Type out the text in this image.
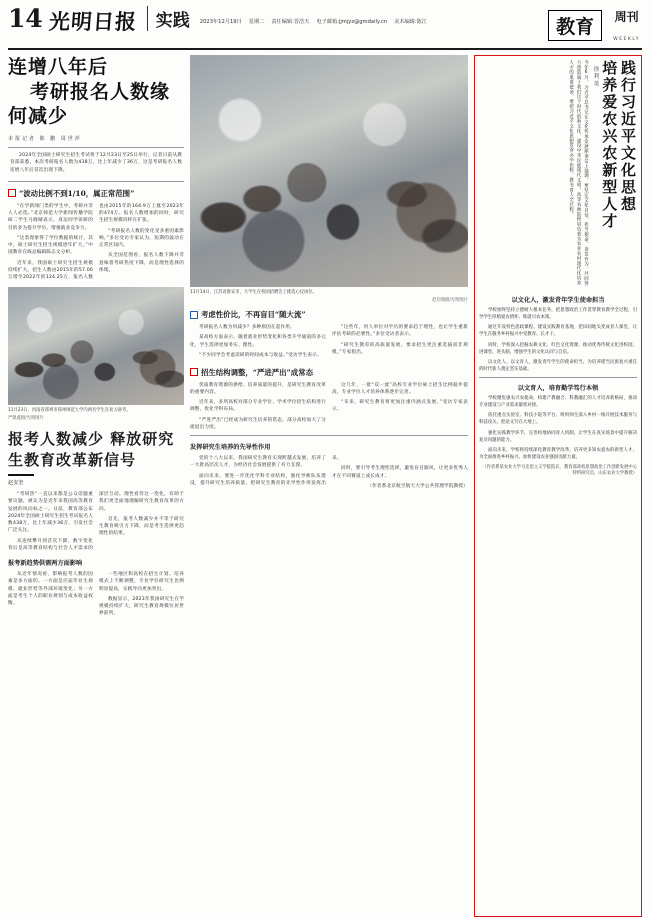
14 光明日报	实践 2023年12月19日 星期二 责任编辑:晋浩天 电子邮箱:jjmjyz@gmdaily.cn 美术编辑:陈江	教育 周刊
WEEKLY
连增八年后
考研报名人数缘何减少
本报记者 陈 鹏 周世祥

2024年全国硕士研究生招生考试将于12月23日至25日举行。记者日前从教育部获悉，本次考研报名人数为438万，比上年减少了36万，这是考研报名人数连增八年后首次出现下降。

“波动比例不到1/10，属正常范围”

“在学新闻门类的学生中，考研并非人人必选。”北京师范大学新闻传播学院研二学生马晓晴表示，身边同学读研的目的多为提升学历、增强就业竞争力。

“这类现象得了学位数据的统计，其中，硕士研究生招生规模逐年扩大。”中国教育在线总编辑陈志文分析。

近年来，我国硕士研究生招生规模持续扩大，招生人数由2015年的57.06万增至2022年的124.25万，报名人数也由2015年的164.9万上涨至2023年的474万。报名人数增加的同时，研究生招生规模同样在扩张。

“考研报名人数的变化受多重因素影响。”多位受访专家认为，短期的波动在正常区间内。

从全国范围看，报名人数下降并非意味着考研热度下降，而是理性选择的体现。

11月23日，河南省郑州市郑州师范大学内两名学生在复习备考。
严鼎鑫摄/光明图片
报考人数减少 释放研究生教育改革新信号
赵安奎

“考研热”一直以来都是公众话题重要议题，被认为是近年来我国高等教育发展的风向标之一。日前，教育部公布2024年全国硕士研究生招生考试报名人数438万，比上年减少36万，引发社会广泛关注。

从连续攀升到首次下降，数字变化背后是高等教育结构与社会人才需求的深层互动。理性看待这一变化，有助于我们更全面地理解研究生教育改革的方向。

首先，报考人数减少并不等于研究生教育吸引力下降，而是考生选择更趋理性的结果。

报考新趋势供需两方面影响

从近年情况看，影响报考人数的因素是多方面的。一方面是应届毕业生规模、就业形势等外部环境变化；另一方面是考生个人的职业规划与成本收益权衡。

一些地区和高校在招生计划、培养模式上不断调整，专业学位研究生比例明显提高，实践导向更加突出。

数据显示，2023年我国研究生在学规模持续扩大，研究生教育规模位居世界前列。

11月14日，江苏省淮安市，大学生在校园招聘会上挑选心仪岗位。
赵启瑞摄/光明图片
考虑性价比，不再盲目“随大流”

考研报名人数为何减少？多种原因在起作用。

某高校方面表示，随着就业形势变化和各类升学通道的多元化，学生选择更加务实、理性。

“不少同学会考虑读研的时间成本与收益。”受访学生表示。

“这些年，用人单位对学历的要求趋于理性，也让学生重新评估考研的必要性。”多位受访者表示。

“研究生教育的高质量发展，要求招生更注重选拔而非规模。”专家指出。

招生结构调整，“严进严出”成常态

优质教育资源的供给、培养质量的提升，是研究生教育改革的重要内容。

近年来，多所高校对部分专业学位、学术学位招生结构进行调整，优化学科布局。

“严进严出”已经成为研究生培养的常态，部分高校加大了分流退出力度。

这几年，一批“双一流”高校专业学位硕士招生比例稳步提高，专业学位人才培养体系逐步完善。

“未来，研究生教育将更加注重内涵式发展。”受访专家表示。

发挥研究生培养的先导性作用

党的十八大以来，我国研究生教育实现跨越式发展，培养了一大批高层次人才，为经济社会发展提供了有力支撑。

面向未来，要进一步优化学科专业结构，强化导师队伍建设，提升研究生培养质量，把研究生教育的先导性作用发挥出来。

同时，要引导考生理性选择，避免盲目跟风，让更多优秀人才在不同赛道上成长成才。

（作者系北京航空航天大学公共管理学院教授）

践行习近平文化思想
培养爱农兴农新型人才
徐利英
今年6月，习近平总书记在文化传承发展座谈会上强调，要坚定文化自信、担当使命、奋发有为，共同努力创造属于我们这个时代的新文化，建设中华民族现代文明。高等农林院校肩负着为农业农村现代化培养人才的重要使命，要把习近平文化思想贯穿办学治校、教书育人全过程。
以文化人，激发青年学生使命担当

学校始终坚持立德树人根本任务，把思想政治工作贯穿教育教学全过程，引导学生厚植爱农情怀、练就兴农本领。

通过开设特色思政课程、建设实践教育基地，把田间地头变成育人课堂，让学生在服务乡村振兴中受教育、长才干。

同时，学校深入挖掘农耕文化、红色文化资源，推动优秀传统文化进校园、进课堂、进头脑，增强学生的文化认同与自信。

以文化人、以文育人，激发青年学生的使命担当，为培养堪当民族复兴重任的时代新人奠定坚实基础。

以文育人，培育勤学笃行本领

学校聚焦强农兴农使命，构建产教融合、科教融汇的人才培养新格局，推动专业建设与产业需求紧密对接。

依托重点实验室、科技小院等平台，组织师生深入乡村一线开展技术服务与科技攻关，把论文写在大地上。

强化实践教学环节，完善校地协同育人机制，让学生在真实场景中提升解决复杂问题的能力。

面向未来，学校将持续深化教育教学改革，培养更多知农爱农的新型人才，为全面推进乡村振兴、加快建设农业强国贡献力量。

（作者系某农业大学马克思主义学院院长、教育部高校思想政治工作创新发展中心特约研究员，山东农业大学教授）
